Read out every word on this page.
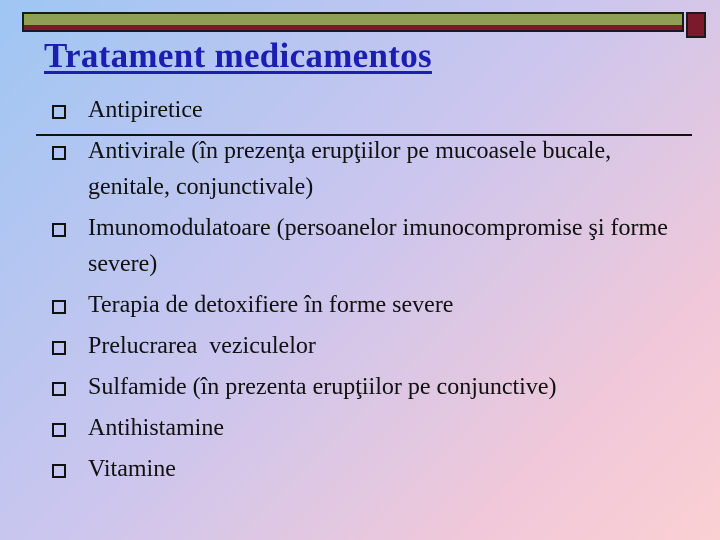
Tratament medicamentos
Antipiretice
Antivirale (în prezenţa erupţiilor pe mucoasele bucale, genitale, conjunctivale)
Imunomodulatoare (persoanelor imunocompromise şi forme severe)
Terapia de detoxifiere în forme severe
Prelucrarea  veziculelor
Sulfamide (în prezenta erupţiilor pe conjunctive)
Antihistamine
Vitamine
